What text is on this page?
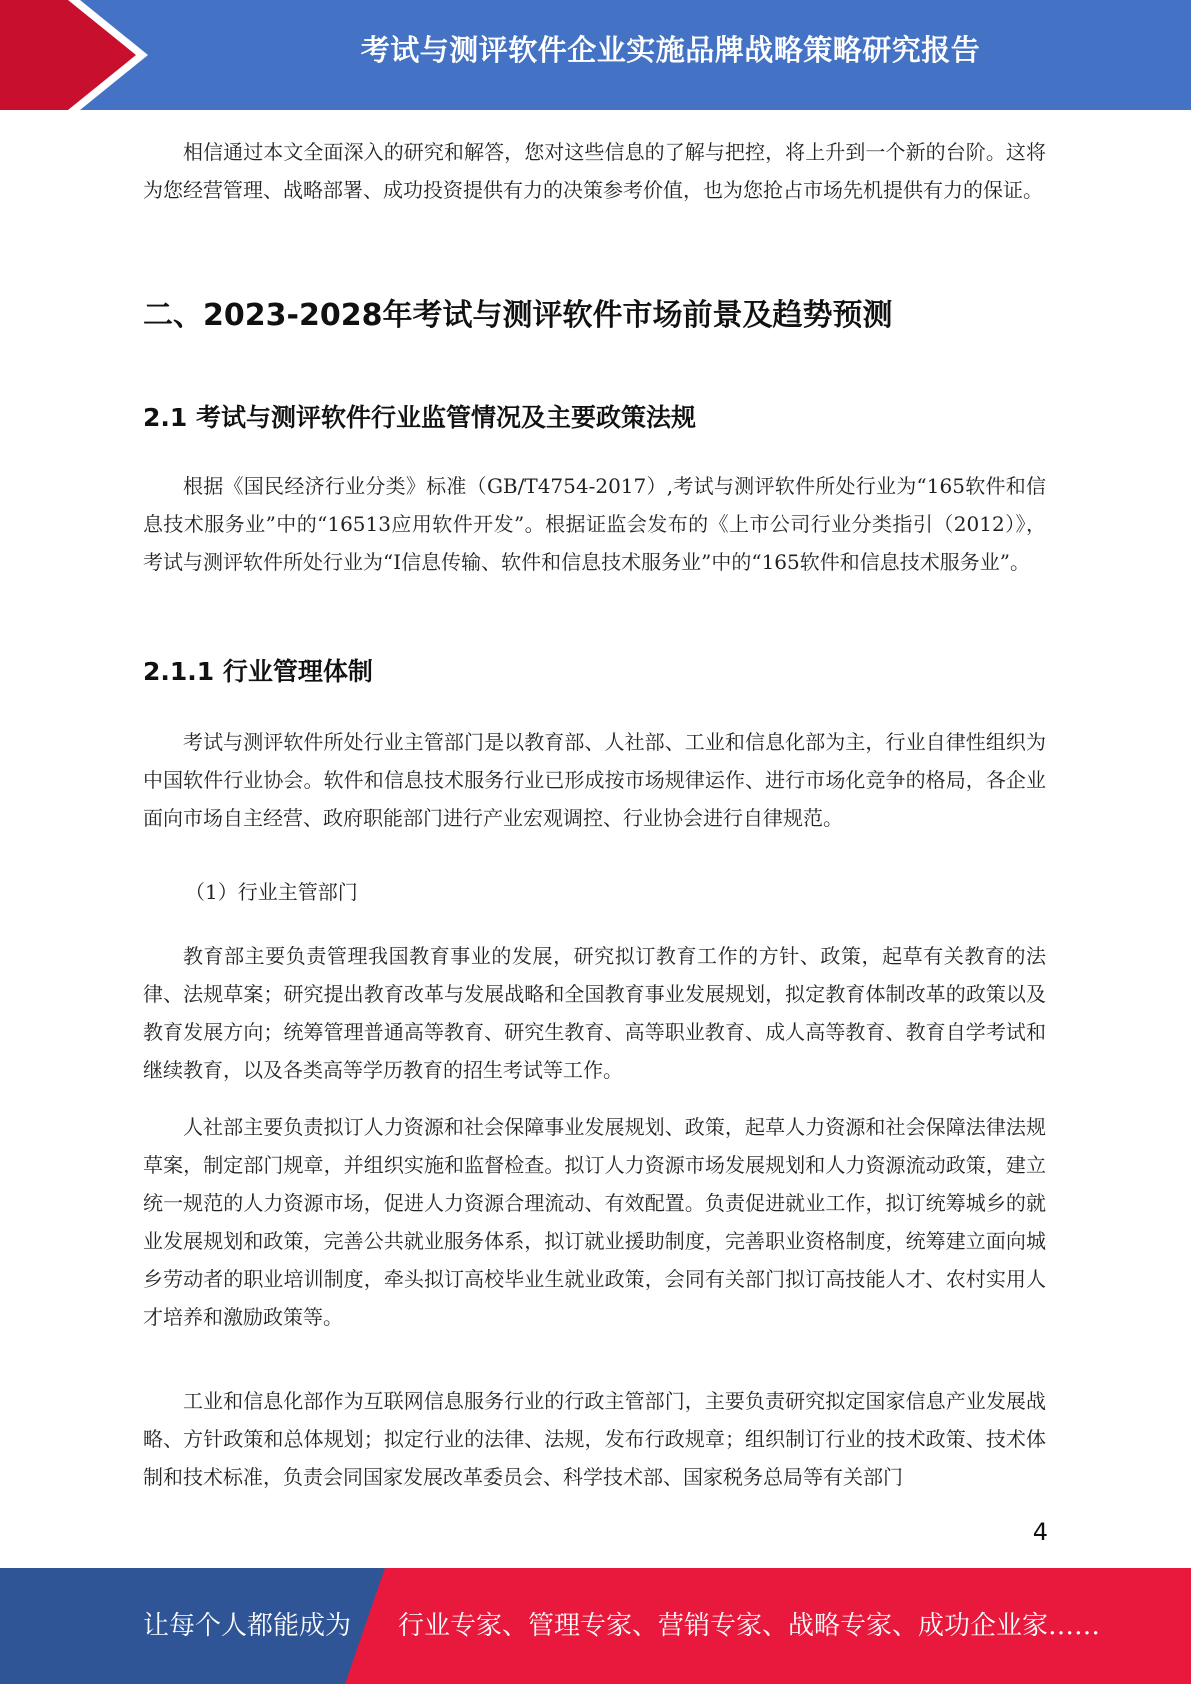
考试与测评软件企业实施品牌战略策略研究报告

相信通过本文全面深入的研究和解答，您对这些信息的了解与把控，将上升到一个新的台阶。这将为您经营管理、战略部署、成功投资提供有力的决策参考价值，也为您抢占市场先机提供有力的保证。

二、2023-2028年考试与测评软件市场前景及趋势预测
2.1 考试与测评软件行业监管情况及主要政策法规

根据《国民经济行业分类》标准（GB/T4754-2017）,考试与测评软件所处行业为“165软件和信息技术服务业”中的“16513应用软件开发”。根据证监会发布的《上市公司行业分类指引（2012）》，考试与测评软件所处行业为“I信息传输、软件和信息技术服务业”中的“165软件和信息技术服务业”。

2.1.1 行业管理体制

考试与测评软件所处行业主管部门是以教育部、人社部、工业和信息化部为主，行业自律性组织为中国软件行业协会。软件和信息技术服务行业已形成按市场规律运作、进行市场化竞争的格局，各企业面向市场自主经营、政府职能部门进行产业宏观调控、行业协会进行自律规范。

（1）行业主管部门

教育部主要负责管理我国教育事业的发展，研究拟订教育工作的方针、政策，起草有关教育的法律、法规草案；研究提出教育改革与发展战略和全国教育事业发展规划，拟定教育体制改革的政策以及教育发展方向；统筹管理普通高等教育、研究生教育、高等职业教育、成人高等教育、教育自学考试和继续教育，以及各类高等学历教育的招生考试等工作。

人社部主要负责拟订人力资源和社会保障事业发展规划、政策，起草人力资源和社会保障法律法规草案，制定部门规章，并组织实施和监督检查。拟订人力资源市场发展规划和人力资源流动政策，建立统一规范的人力资源市场，促进人力资源合理流动、有效配置。负责促进就业工作，拟订统筹城乡的就业发展规划和政策，完善公共就业服务体系，拟订就业援助制度，完善职业资格制度，统筹建立面向城乡劳动者的职业培训制度，牵头拟订高校毕业生就业政策，会同有关部门拟订高技能人才、农村实用人才培养和激励政策等。

工业和信息化部作为互联网信息服务行业的行政主管部门，主要负责研究拟定国家信息产业发展战略、方针政策和总体规划；拟定行业的法律、法规，发布行政规章；组织制订行业的技术政策、技术体制和技术标准，负责会同国家发展改革委员会、科学技术部、国家税务总局等有关部门

4
让每个人都能成为 行业专家、管理专家、营销专家、战略专家、成功企业家……
